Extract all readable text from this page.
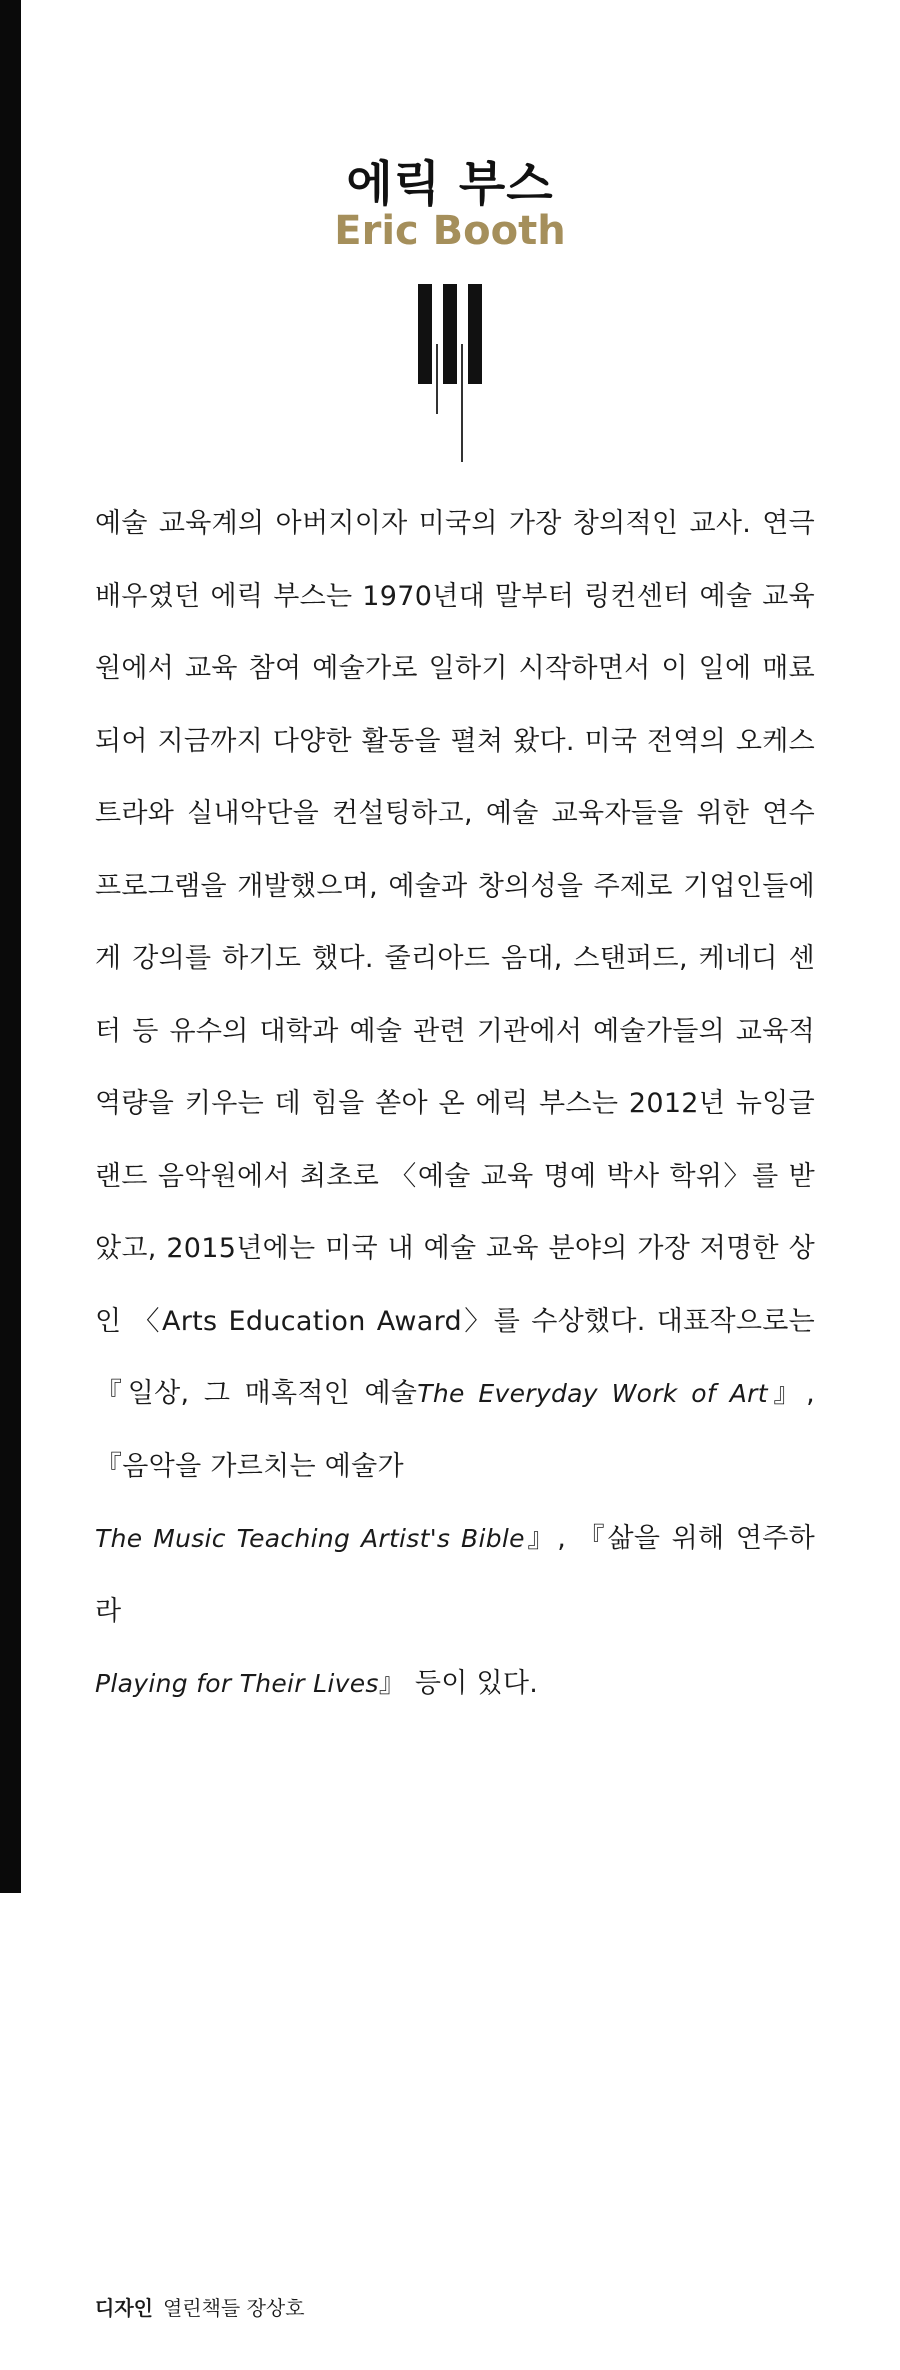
에릭 부스
Eric Booth
예술 교육계의 아버지이자 미국의 가장 창의적인 교사. 연극 배우였던 에릭 부스는 1970년대 말부터 링컨센터 예술 교육원에서 교육 참여 예술가로 일하기 시작하면서 이 일에 매료되어 지금까지 다양한 활동을 펼쳐 왔다. 미국 전역의 오케스트라와 실내악단을 컨설팅하고, 예술 교육자들을 위한 연수 프로그램을 개발했으며, 예술과 창의성을 주제로 기업인들에게 강의를 하기도 했다. 줄리아드 음대, 스탠퍼드, 케네디 센터 등 유수의 대학과 예술 관련 기관에서 예술가들의 교육적 역량을 키우는 데 힘을 쏟아 온 에릭 부스는 2012년 뉴잉글랜드 음악원에서 최초로 〈예술 교육 명예 박사 학위〉를 받았고, 2015년에는 미국 내 예술 교육 분야의 가장 저명한 상인 〈Arts Education Award〉를 수상했다. 대표작으로는 『일상, 그 매혹적인 예술The Everyday Work of Art』, 『음악을 가르치는 예술가
The Music Teaching Artist's Bible』, 『삶을 위해 연주하라
Playing for Their Lives』 등이 있다.
디자인 열린책들 장상호
